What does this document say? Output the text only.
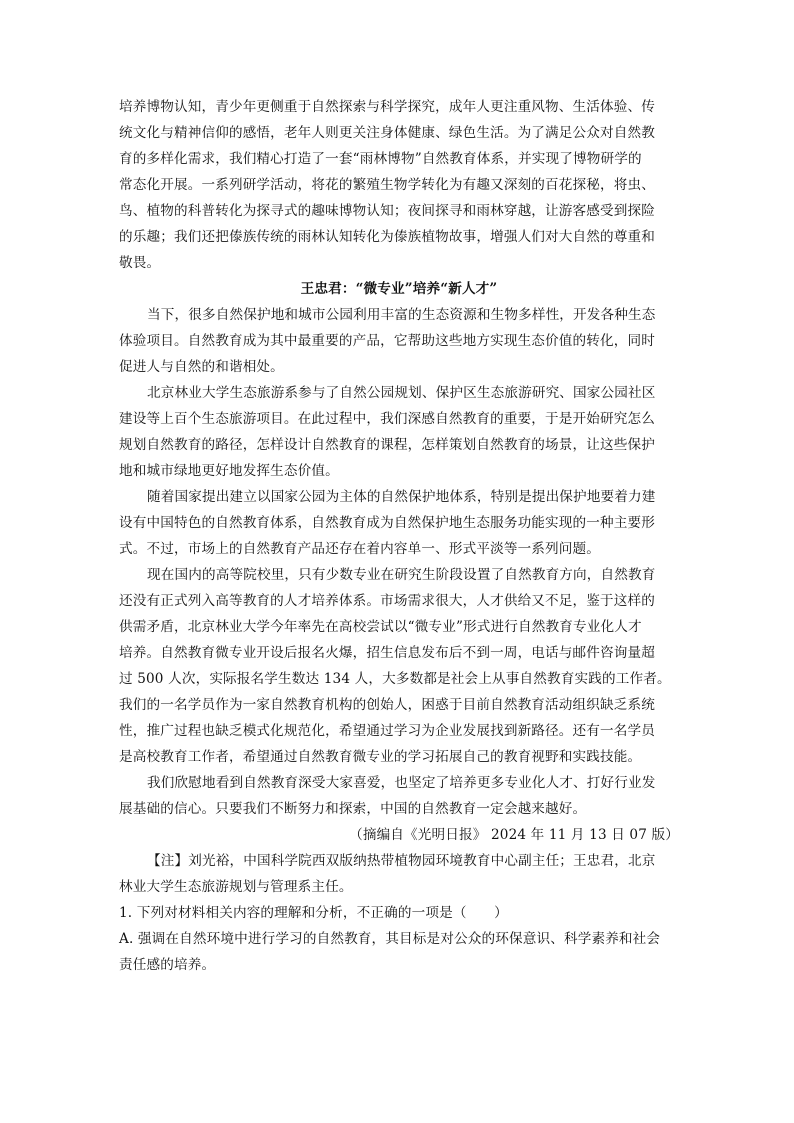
培养博物认知，青少年更侧重于自然探索与科学探究，成年人更注重风物、生活体验、传
统文化与精神信仰的感悟，老年人则更关注身体健康、绿色生活。为了满足公众对自然教
育的多样化需求，我们精心打造了一套“雨林博物”自然教育体系，并实现了博物研学的
常态化开展。一系列研学活动，将花的繁殖生物学转化为有趣又深刻的百花探秘，将虫、
鸟、植物的科普转化为探寻式的趣味博物认知；夜间探寻和雨林穿越，让游客感受到探险
的乐趣；我们还把傣族传统的雨林认知转化为傣族植物故事，增强人们对大自然的尊重和
敬畏。
王忠君：“微专业”培养“新人才”
当下，很多自然保护地和城市公园利用丰富的生态资源和生物多样性，开发各种生态
体验项目。自然教育成为其中最重要的产品，它帮助这些地方实现生态价值的转化，同时
促进人与自然的和谐相处。
北京林业大学生态旅游系参与了自然公园规划、保护区生态旅游研究、国家公园社区
建设等上百个生态旅游项目。在此过程中，我们深感自然教育的重要，于是开始研究怎么
规划自然教育的路径，怎样设计自然教育的课程，怎样策划自然教育的场景，让这些保护
地和城市绿地更好地发挥生态价值。
随着国家提出建立以国家公园为主体的自然保护地体系，特别是提出保护地要着力建
设有中国特色的自然教育体系，自然教育成为自然保护地生态服务功能实现的一种主要形
式。不过，市场上的自然教育产品还存在着内容单一、形式平淡等一系列问题。
现在国内的高等院校里，只有少数专业在研究生阶段设置了自然教育方向，自然教育
还没有正式列入高等教育的人才培养体系。市场需求很大，人才供给又不足，鉴于这样的
供需矛盾，北京林业大学今年率先在高校尝试以“微专业”形式进行自然教育专业化人才
培养。自然教育微专业开设后报名火爆，招生信息发布后不到一周，电话与邮件咨询量超
过 500 人次，实际报名学生数达 134 人，大多数都是社会上从事自然教育实践的工作者。
我们的一名学员作为一家自然教育机构的创始人，困惑于目前自然教育活动组织缺乏系统
性，推广过程也缺乏模式化规范化，希望通过学习为企业发展找到新路径。还有一名学员
是高校教育工作者，希望通过自然教育微专业的学习拓展自己的教育视野和实践技能。
我们欣慰地看到自然教育深受大家喜爱，也坚定了培养更多专业化人才、打好行业发
展基础的信心。只要我们不断努力和探索，中国的自然教育一定会越来越好。
（摘编自《光明日报》 2024 年 11 月 13 日 07 版）
【注】刘光裕，中国科学院西双版纳热带植物园环境教育中心副主任；王忠君，北京
林业大学生态旅游规划与管理系主任。
1. 下列对材料相关内容的理解和分析，不正确的一项是（　　）
A. 强调在自然环境中进行学习的自然教育，其目标是对公众的环保意识、科学素养和社会
责任感的培养。
